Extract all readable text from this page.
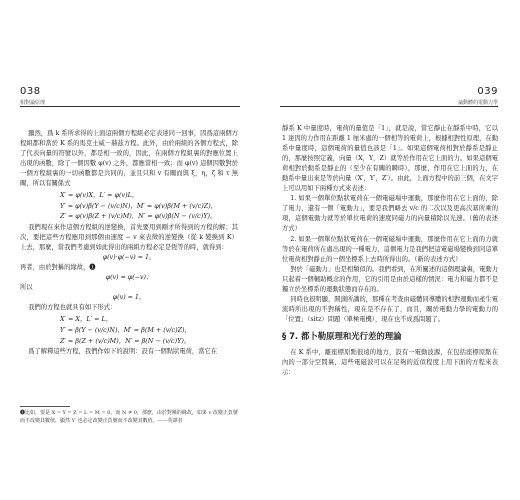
038
相對論原理

顯然，爲 k 系所求得的上面這兩個方程組必定表達同一回事，因爲這兩個方程組都和當於 K 系的馬克士威－赫茲方程。此外，由於兩組的各個方程式，除了代表向量的符號以外，都是相一致的，因此，在兩個方程組裏的對應位置上出現的函數，除了一個因數 φ(v) 之外，都應當相一致；而 φ(v) 這個因數對於一個方程組裏的一切函數都是共同的，並且只和 v 有關而與 ξ，η，ζ 和 τ 無關，所以有關係式

X′ = φ(v)X，L′ = φ(v)L，
Y′ = φ(v)β(Y − (v/c)N)，M′ = φ(v)β(M + (v/c)Z)，
Z′ = φ(v)β(Z + (v/c)M)，N′ = φ(v)β(N − (v/c)Y)。

我們現在來作這個方程組的逆變換，首先要用到剛才所得到的方程的解；其次，要把這些方程應用到那個由速度 − v 來表徵的逆變換（從 k 變換到 K）上去，那麼，當我們考慮到如此得出的兩組方程必定是恆等的時，就得到：

φ(v)·φ(−v) = 1。

再者，由於對稱的緣故，❶

φ(v) = φ(−v)；

所以

φ(v) = 1，

我們的方程也就具有如下形式：

X′ = X，L′ = L，
Y′ = β(Y − (v/c)N)，M′ = β(M + (v/c)Z)，
Z′ = β(Z + (v/c)M)，N′ = β(N − (v/c)Y)。

爲了解釋這些方程，我們作如下的說明：設有一個點狀電荷，當它在

❶比如，要是 X = Y = Z = L = M = 0，而 N ≠ 0，那麼，由於對稱的緣故，如果 v 改變正負號而不改變其數值，顯然 Y′ 也必定改變正負號而不改變其數值。——英譯者
039
論動體的電動力學

靜系 K 中量度時，電荷的量值是「1」，就是說，當它靜止在靜系中時，它以 1 達因的力作用在距離 1 厘米處的一個相等的電荷上，根據相對性原理，在動系中量度時，這個電荷的量值也該是「1」。如果這個電荷相對於靜系是靜止的，那麼按照定義，向量（X，Y，Z）就等於作用在它上面的力。如果這個電荷相對於動系是靜止的（至少在有關的瞬時），那麼，作用在它上面的力，在動系中量出來是等於向量（X′，Y′，Z′）。由此，上面方程中的前三個，在文字上可以用如下兩種方式來表述：

1. 如果一個單位點狀電荷在一個電磁場中運動，那麼作用在它上面的，除了電力，還有一個「電動力」，要是我們略去 v/c 的二次以及更高次冪所乘的項，這個電動力就等於單位電荷的速度同磁力的向量積除以光速。（舊的表述方式）

2. 如果一個單位點狀電荷在一個電磁場中運動，那麼作用在它上面的力就等於在電荷所在處出現的一種電力，這個電力是我們把這電磁場變換到同這單位電荷相對靜止的一個坐標系上去時所得出的。（新的表述方式）

對於「磁動力」也是相類似的。我們看到，在所闡述的這個理論裏，電動力只起着一個輔助概念的作用，它的引用是由於這樣的情況：電力和磁力都不是獨立於坐標系的運動狀態而存在的。

同時也很明顯，開頭所講的，那種在考查由磁體同導體的相對運動而產生電流時所出現的不對稱性，現在是不存在了，而且，關於電動力學的電動力的「位置」（sitz）問題（單極電機），現在也不成爲問題了。

§ 7. 都卜勒原理和光行差的理論

在 K 系中，離座標原點很遠的地方，設有一電動波源，在包括座標原點在內的一部分空間裏，這些電磁波可以在足夠的近似程度上用下面的方程來表示：
